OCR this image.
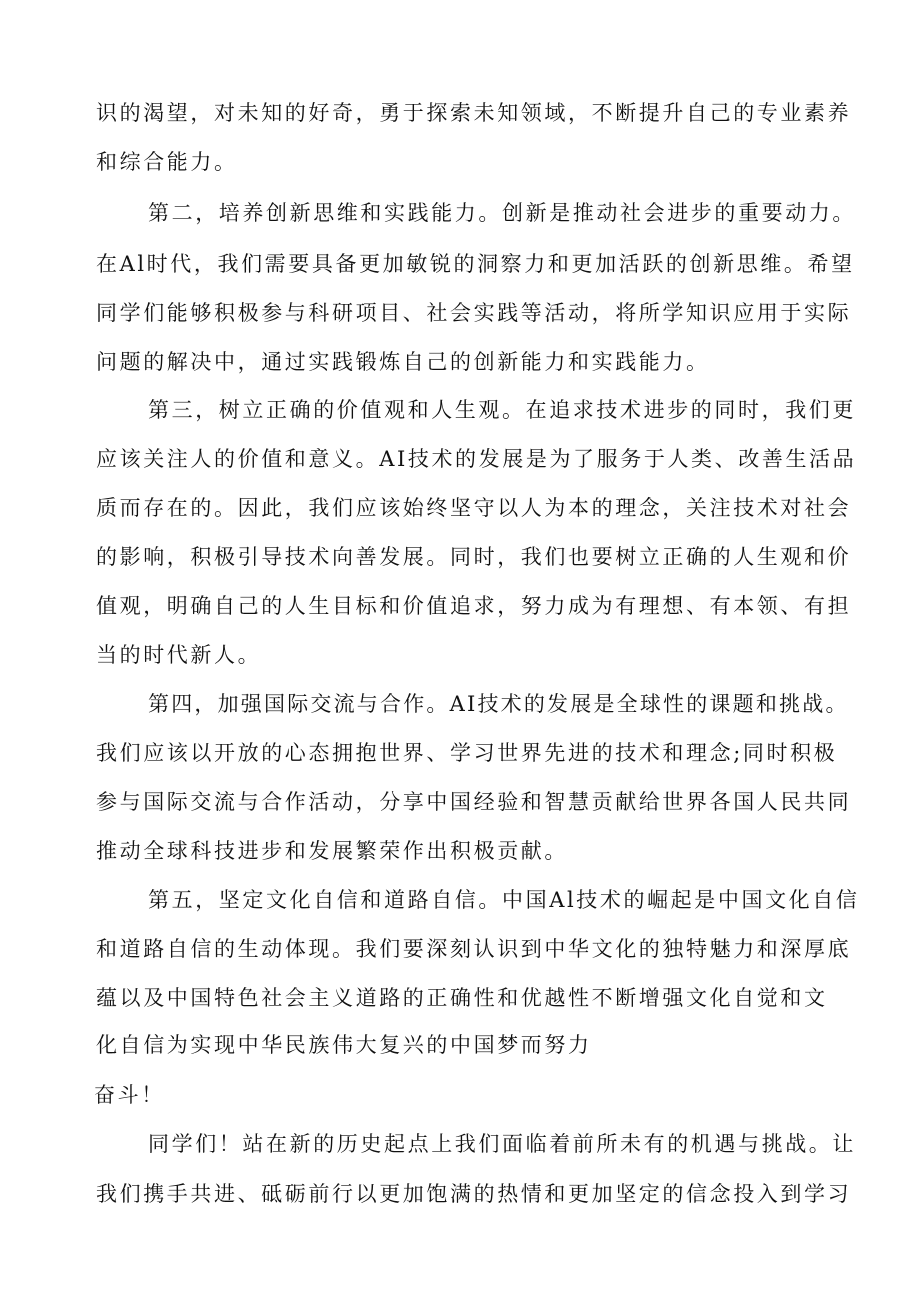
识的渴望，对未知的好奇，勇于探索未知领域，不断提升自己的专业素养
和综合能力。
第二，培养创新思维和实践能力。创新是推动社会进步的重要动力。
在Al时代，我们需要具备更加敏锐的洞察力和更加活跃的创新思维。希望
同学们能够积极参与科研项目、社会实践等活动，将所学知识应用于实际
问题的解决中，通过实践锻炼自己的创新能力和实践能力。
第三，树立正确的价值观和人生观。在追求技术进步的同时，我们更
应该关注人的价值和意义。AI技术的发展是为了服务于人类、改善生活品
质而存在的。因此，我们应该始终坚守以人为本的理念，关注技术对社会
的影响，积极引导技术向善发展。同时，我们也要树立正确的人生观和价
值观，明确自己的人生目标和价值追求，努力成为有理想、有本领、有担
当的时代新人。
第四，加强国际交流与合作。AI技术的发展是全球性的课题和挑战。
我们应该以开放的心态拥抱世界、学习世界先进的技术和理念;同时积极
参与国际交流与合作活动，分享中国经验和智慧贡献给世界各国人民共同
推动全球科技进步和发展繁荣作出积极贡献。
第五，坚定文化自信和道路自信。中国Al技术的崛起是中国文化自信
和道路自信的生动体现。我们要深刻认识到中华文化的独特魅力和深厚底
蕴以及中国特色社会主义道路的正确性和优越性不断增强文化自觉和文
化自信为实现中华民族伟大复兴的中国梦而努力
奋斗！
同学们！站在新的历史起点上我们面临着前所未有的机遇与挑战。让
我们携手共进、砥砺前行以更加饱满的热情和更加坚定的信念投入到学习
